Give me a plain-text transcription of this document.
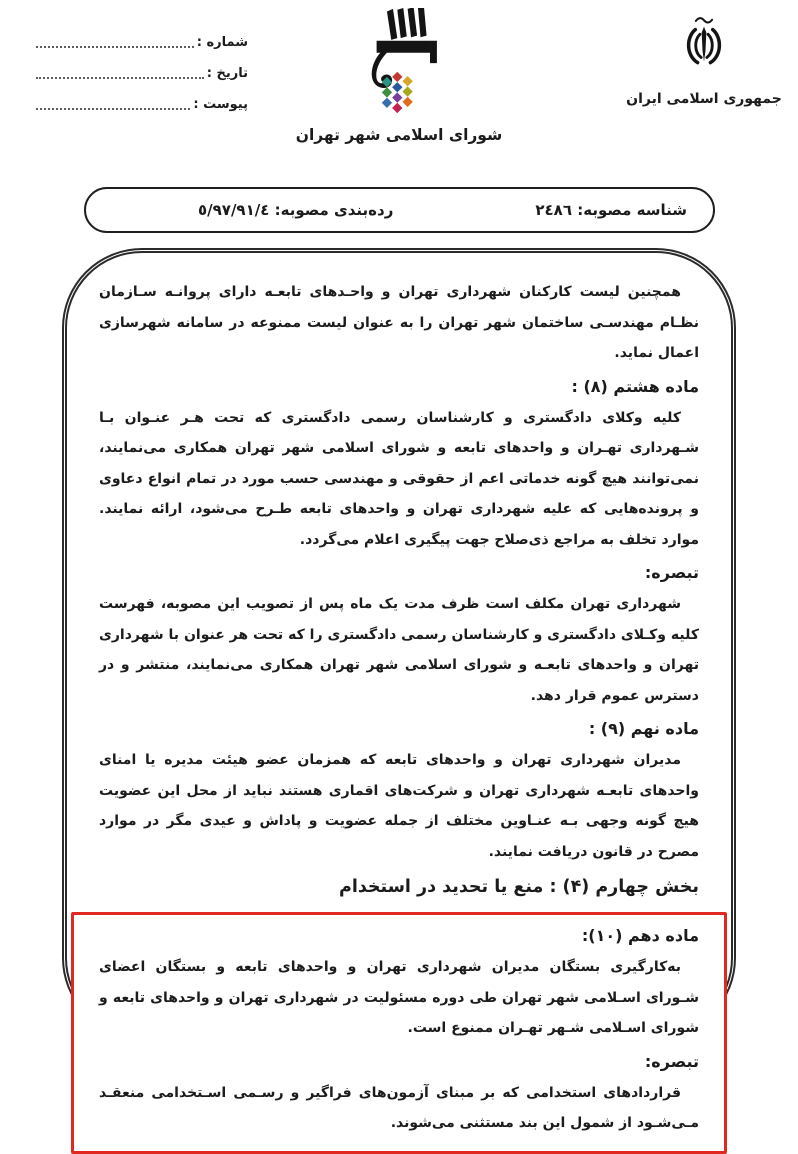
جمهوری اسلامی ایران
شورای اسلامی شهر تهران
شماره :
تاریخ :
پیوست :
شناسه مصوبه: ٢٤٨٦
رده‌بندی مصوبه: ٥/٩٧/٩١/٤

همچنین لیست کارکنان شهرداری تهران و واحـدهای تابعـه دارای پروانـه سـازمان نظـام مهندسـی ساختمان شهر تهران را به عنوان لیست ممنوعه در سامانه شهرسازی اعمال نماید.

ماده هشتم (٨) :

کلیه وکلای دادگستری و کارشناسان رسمی دادگستری که تحت هـر عنـوان بـا شـهرداری تهـران و واحدهای تابعه و شورای اسلامی شهر تهران همکاری می‌نمایند، نمی‌توانند هیچ گونه خدماتی اعم از حقوقی و مهندسی حسب مورد در تمام انواع دعاوی و پرونده‌هایی که علیه شهرداری تهران و واحدهای تابعه طـرح می‌شود، ارائه نمایند. موارد تخلف به مراجع ذی‌صلاح جهت پیگیری اعلام می‌گردد.

تبصره:

شهرداری تهران مکلف است ظرف مدت یک ماه پس از تصویب این مصوبه، فهرست کلیه وکـلای دادگستری و کارشناسان رسمی دادگستری را که تحت هر عنوان با شهرداری تهران و واحدهای تابعـه و شورای اسلامی شهر تهران همکاری می‌نمایند، منتشر و در دسترس عموم قرار دهد.

ماده نهم (٩) :

مدیران شهرداری تهران و واحدهای تابعه که همزمان عضو هیئت مدیره یا امنای واحدهای تابعـه شهرداری تهران و شرکت‌های اقماری هستند نباید از محل این عضویت هیچ گونه وجهی بـه عنـاوین مختلف از جمله عضویت و پاداش و عیدی مگر در موارد مصرح در قانون دریافت نمایند.

بخش چهارم (۴) : منع یا تحدید در استخدام
ماده دهم (١٠):

به‌کارگیری بستگان مدیران شهرداری تهران و واحدهای تابعه و بستگان اعضای شـورای اسـلامی شهر تهران طی دوره مسئولیت در شهرداری تهران و واحدهای تابعه و شورای اسـلامی شـهر تهـران ممنوع است.

تبصره:

قراردادهای استخدامی که بر مبنای آزمون‌های فراگیر و رسـمی اسـتخدامی منعقـد مـی‌شـود از شمول این بند مستثنی می‌شوند.
